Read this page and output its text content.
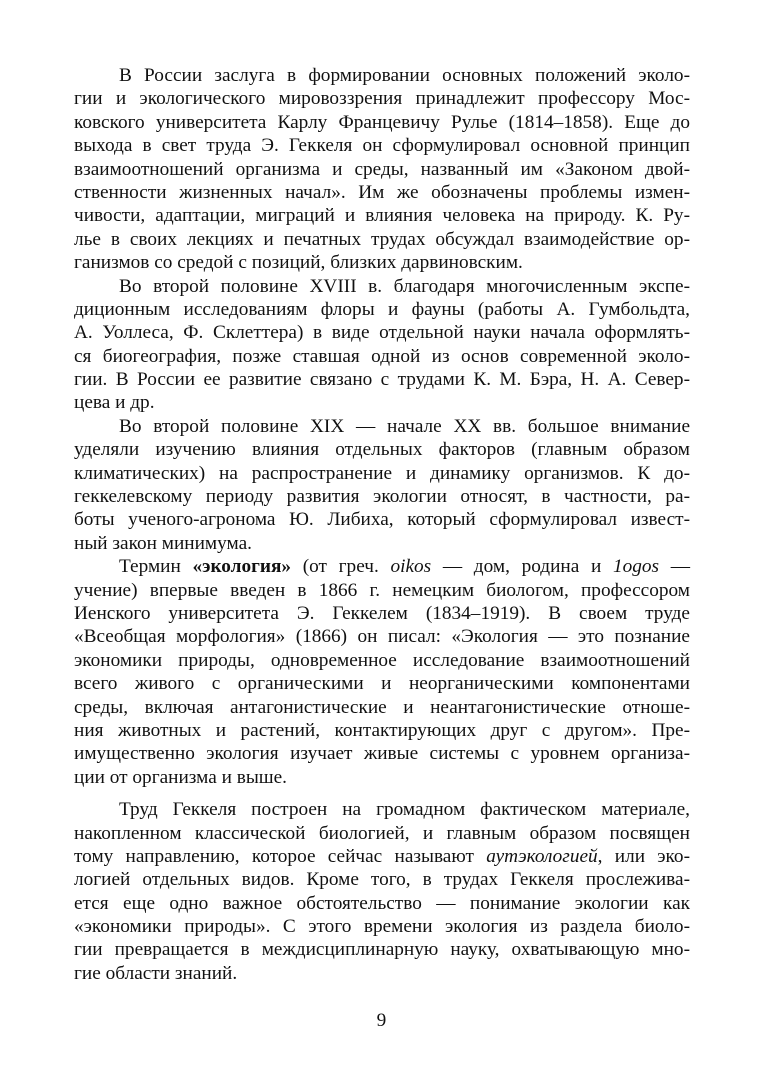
В России заслуга в формировании основных положений эколо-
гии и экологического мировоззрения принадлежит профессору Мос-
ковского университета Карлу Францевичу Рулье (1814–1858). Еще до
выхода в свет труда Э. Геккеля он сформулировал основной принцип
взаимоотношений организма и среды, названный им «Законом двой-
ственности жизненных начал». Им же обозначены проблемы измен-
чивости, адаптации, миграций и влияния человека на природу. К. Ру-
лье в своих лекциях и печатных трудах обсуждал взаимодействие ор-
ганизмов со средой с позиций, близких дарвиновским.
Во второй половине XVIII в. благодаря многочисленным экспе-
диционным исследованиям флоры и фауны (работы А. Гумбольдта,
А. Уоллеса, Ф. Склеттера) в виде отдельной науки начала оформлять-
ся биогеография, позже ставшая одной из основ современной эколо-
гии. В России ее развитие связано с трудами К. М. Бэра, Н. А. Север-
цева и др.
Во второй половине XIX — начале XX вв. большое внимание
уделяли изучению влияния отдельных факторов (главным образом
климатических) на распространение и динамику организмов. К до-
геккелевскому периоду развития экологии относят, в частности, ра-
боты ученого-агронома Ю. Либиха, который сформулировал извест-
ный закон минимума.
Термин «экология» (от греч. oikos — дом, родина и 1ogos —
учение) впервые введен в 1866 г. немецким биологом, профессором
Иенского университета Э. Геккелем (1834–1919). В своем труде
«Всеобщая морфология» (1866) он писал: «Экология — это познание
экономики природы, одновременное исследование взаимоотношений
всего живого с органическими и неорганическими компонентами
среды, включая антагонистические и неантагонистические отноше-
ния животных и растений, контактирующих друг с другом». Пре-
имущественно экология изучает живые системы с уровнем организа-
ции от организма и выше.
Труд Геккеля построен на громадном фактическом материале,
накопленном классической биологией, и главным образом посвящен
тому направлению, которое сейчас называют аутэкологией, или эко-
логией отдельных видов. Кроме того, в трудах Геккеля прослежива-
ется еще одно важное обстоятельство — понимание экологии как
«экономики природы». С этого времени экология из раздела биоло-
гии превращается в междисциплинарную науку, охватывающую мно-
гие области знаний.
9
